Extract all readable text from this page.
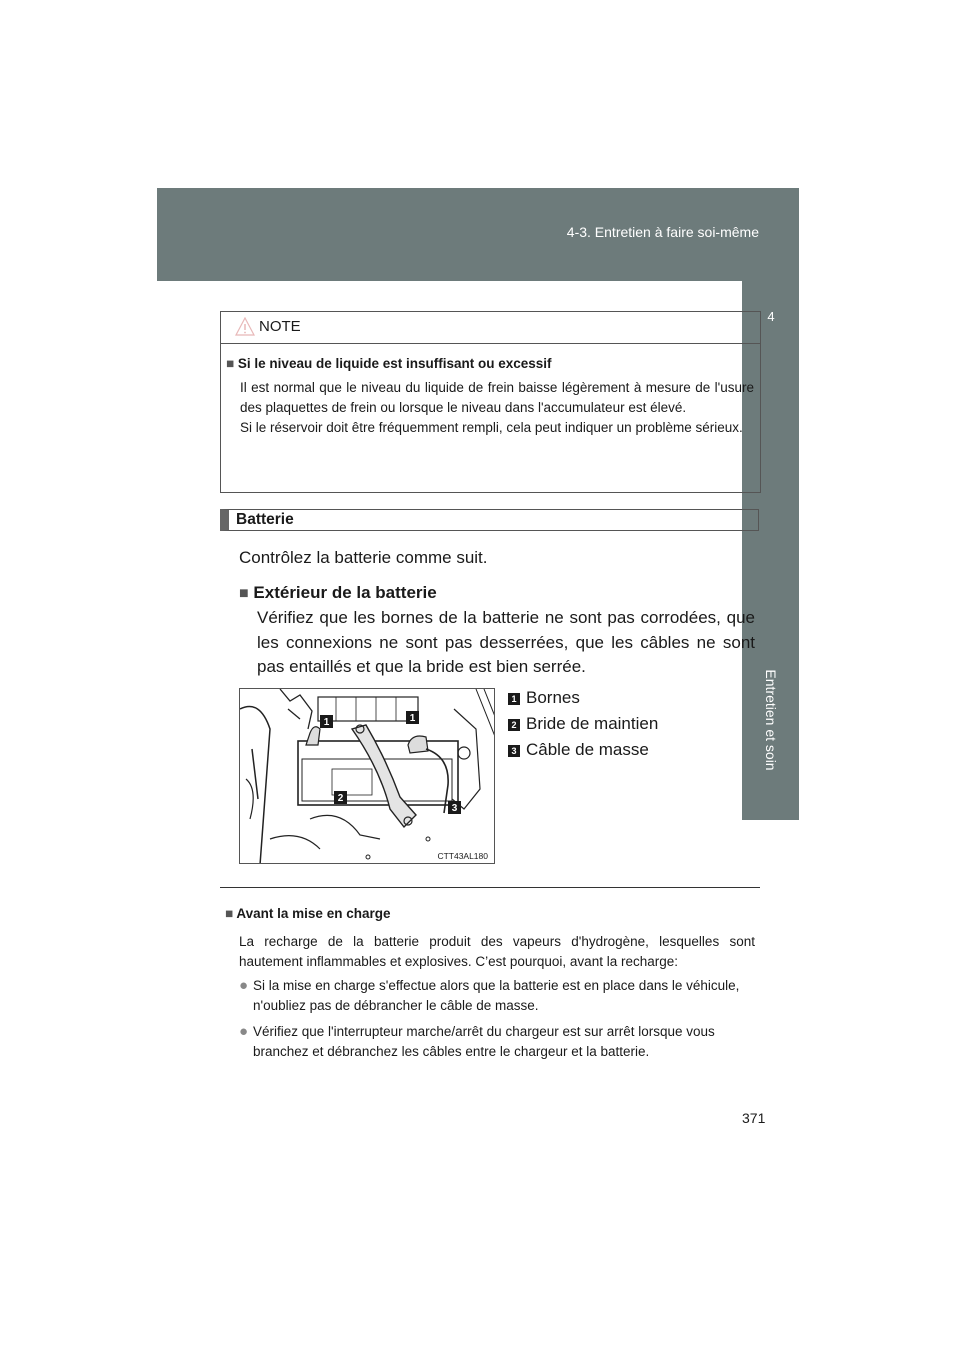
4-3. Entretien à faire soi-même
4
Entretien et soin
NOTE
■ Si le niveau de liquide est insuffisant ou excessif

Il est normal que le niveau du liquide de frein baisse légèrement à mesure de l'usure des plaquettes de frein ou lorsque le niveau dans l'accumulateur est élevé.

Si le réservoir doit être fréquemment rempli, cela peut indiquer un problème sérieux.

Batterie
Contrôlez la batterie comme suit.
■ Extérieur de la batterie
Vérifiez que les bornes de la batterie ne sont pas corrodées, que les connexions ne sont pas desserrées, que les câbles ne sont pas entaillés et que la bride est bien serrée.
1	1
2
3
CTT43AL180
1 Bornes
2 Bride de maintien
3 Câble de masse
■ Avant la mise en charge
La recharge de la batterie produit des vapeurs d'hydrogène, lesquelles sont hautement inflammables et explosives. C’est pourquoi, avant la recharge:
● Si la mise en charge s'effectue alors que la batterie est en place dans le véhicule, n'oubliez pas de débrancher le câble de masse.
● Vérifiez que l'interrupteur marche/arrêt du chargeur est sur arrêt lorsque vous branchez et débranchez les câbles entre le chargeur et la batterie.
371
